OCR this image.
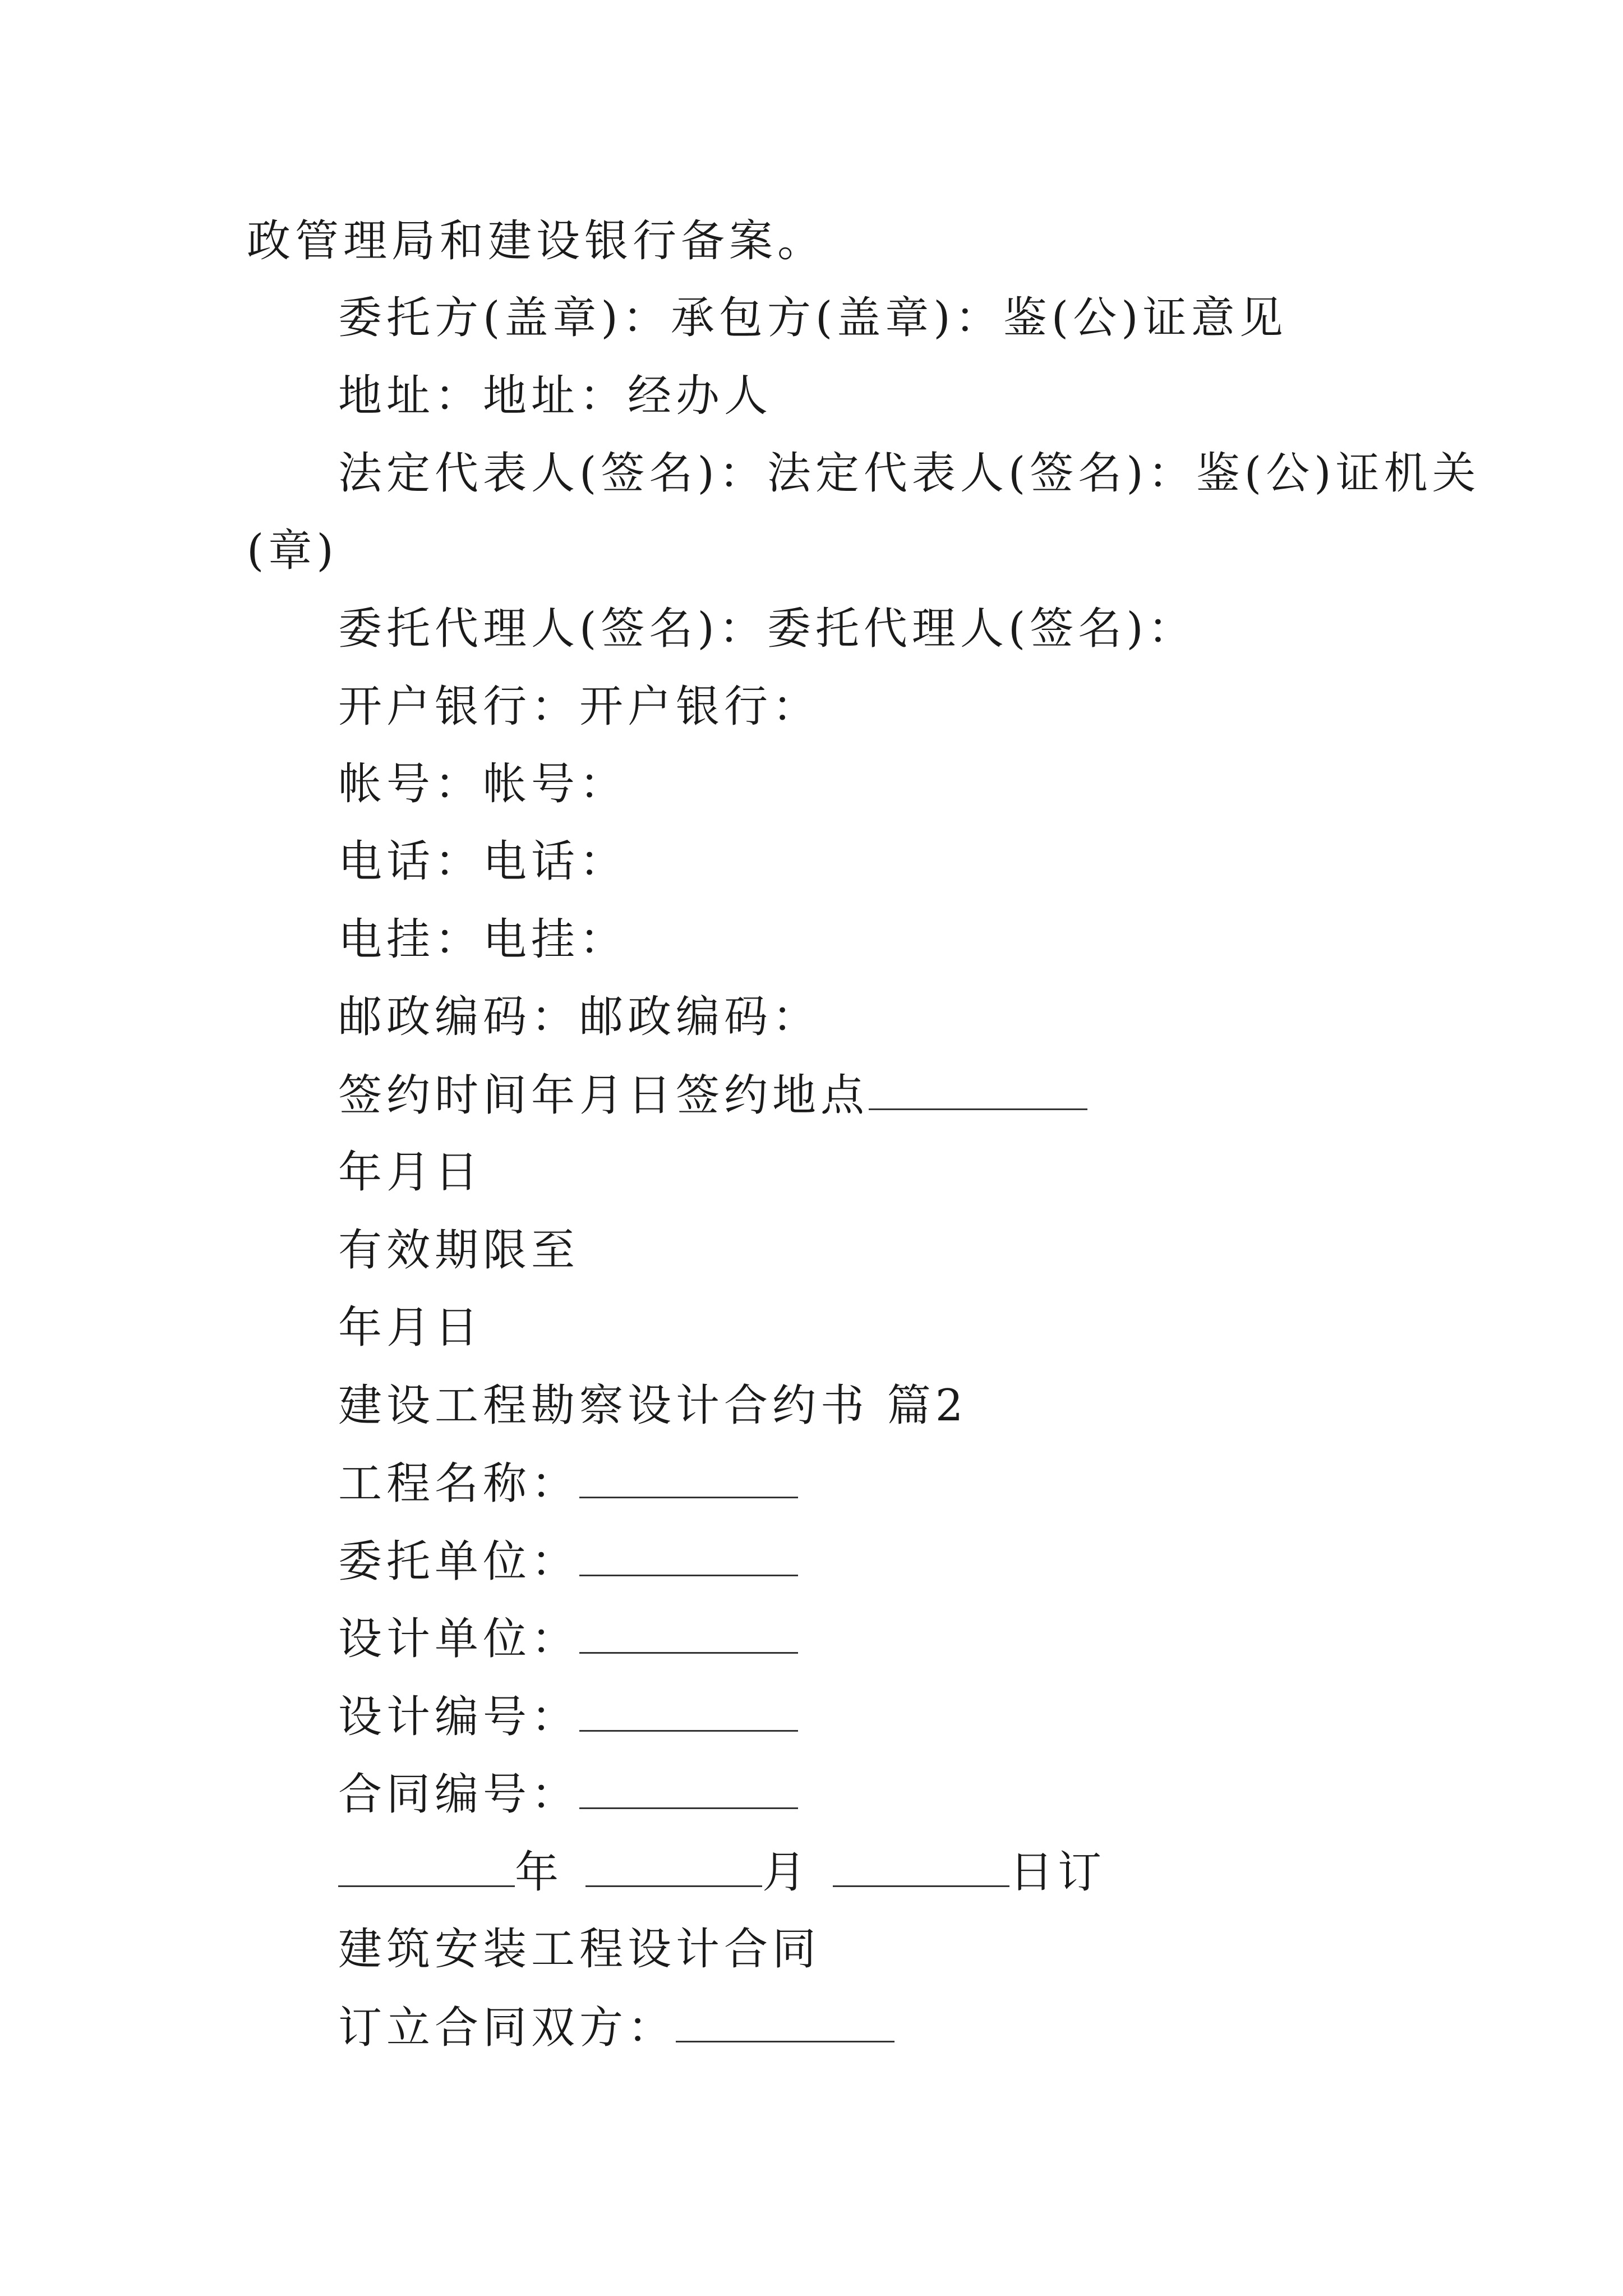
政管理局和建设银行备案。
委托方(盖章)：承包方(盖章)：鉴(公)证意见
地址：地址：经办人
法定代表人(签名)：法定代表人(签名)：鉴(公)证机关
(章)
委托代理人(签名)：委托代理人(签名)：
开户银行：开户银行：
帐号：帐号：
电话：电话：
电挂：电挂：
邮政编码：邮政编码：
签约时间年月日签约地点
年月日
有效期限至
年月日
建设工程勘察设计合约书 篇2
工程名称：
委托单位：
设计单位：
设计编号：
合同编号：
年	月	日订
建筑安装工程设计合同
订立合同双方：
